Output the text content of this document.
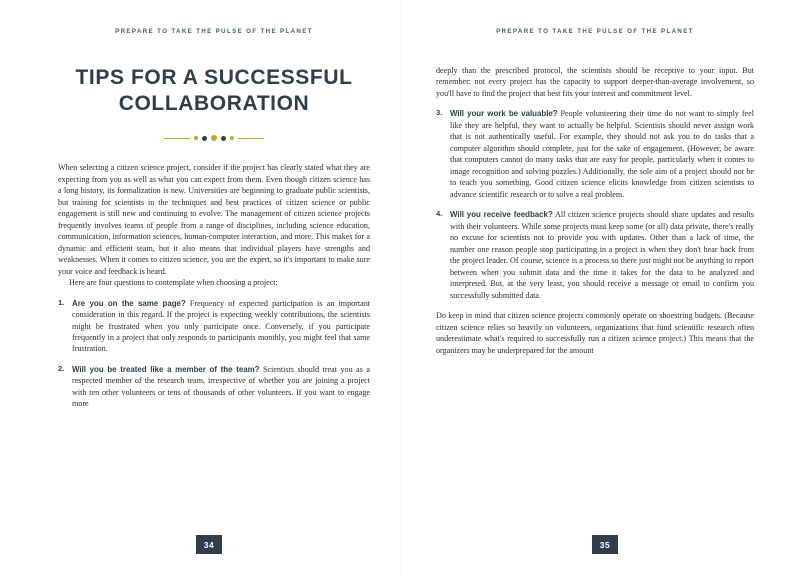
PREPARE TO TAKE THE PULSE OF THE PLANET
TIPS FOR A SUCCESSFUL COLLABORATION

When selecting a citizen science project, consider if the project has clearly stated what they are expecting from you as well as what you can expect from them. Even though citizen science has a long history, its formalization is new. Universities are beginning to graduate public scientists, but training for scientists in the techniques and best practices of citizen science or public engagement is still new and continuing to evolve. The management of citizen science projects frequently involves teams of people from a range of disciplines, including science education, communication, information sciences, human-computer interaction, and more. This makes for a dynamic and efficient team, but it also means that individual players have strengths and weaknesses. When it comes to citizen science, you are the expert, so it's important to make sure your voice and feedback is heard.

Here are four questions to contemplate when choosing a project:

Are you on the same page? Frequency of expected participation is an important consideration in this regard. If the project is expecting weekly contributions, the scientists might be frustrated when you only participate once. Conversely, if you participate frequently in a project that only responds to participants monthly, you might feel that same frustration.
Will you be treated like a member of the team? Scientists should treat you as a respected member of the research team, irrespective of whether you are joining a project with ten other volunteers or tens of thousands of other volunteers. If you want to engage more
34
PREPARE TO TAKE THE PULSE OF THE PLANET

deeply than the prescribed protocol, the scientists should be receptive to your input. But remember: not every project has the capacity to support deeper-than-average involvement, so you'll have to find the project that best fits your interest and commitment level.

Will your work be valuable? People volunteering their time do not want to simply feel like they are helpful, they want to actually be helpful. Scientists should never assign work that is not authentically useful. For example, they should not ask you to do tasks that a computer algorithm should complete, just for the sake of engagement. (However, be aware that computers cannot do many tasks that are easy for people, particularly when it comes to image recognition and solving puzzles.) Additionally, the sole aim of a project should not be to teach you something. Good citizen science elicits knowledge from citizen scientists to advance scientific research or to solve a real problem.
Will you receive feedback? All citizen science projects should share updates and results with their volunteers. While some projects must keep some (or all) data private, there's really no excuse for scientists not to provide you with updates. Other than a lack of time, the number one reason people stop participating in a project is when they don't hear back from the project leader. Of course, science is a process so there just might not be anything to report between when you submit data and the time it takes for the data to be analyzed and interpreted. But, at the very least, you should receive a message or email to confirm you successfully submitted data.

Do keep in mind that citizen science projects commonly operate on shoestring budgets. (Because citizen science relies so heavily on volunteers, organizations that fund scientific research often underestimate what's required to successfully run a citizen science project.) This means that the organizers may be underprepared for the amount

35
